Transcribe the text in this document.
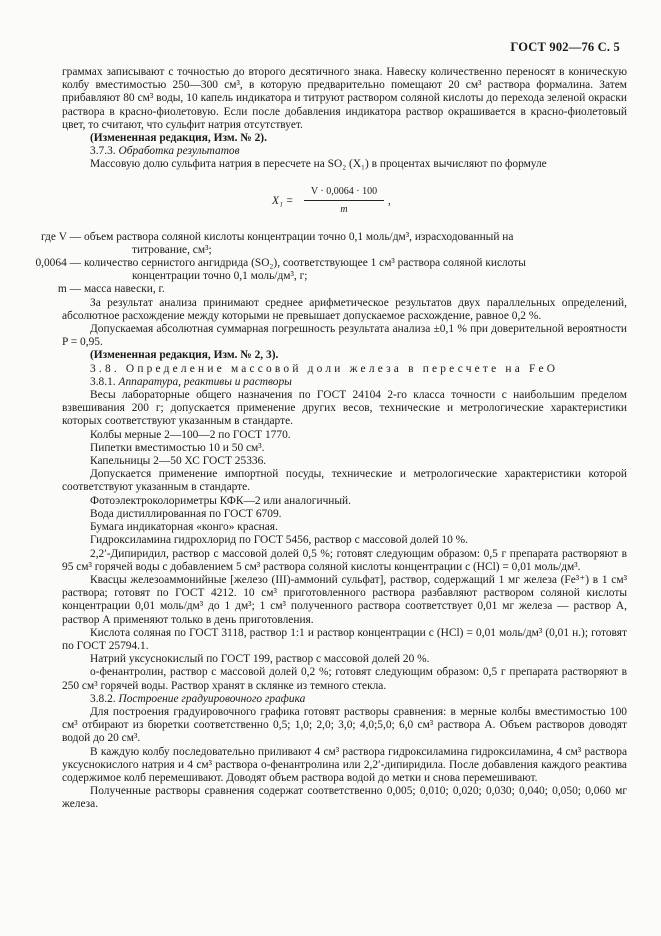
ГОСТ 902—76 С. 5

граммах записывают с точностью до второго десятичного знака. Навеску количественно переносят в коническую колбу вместимостью 250—300 см³, в которую предварительно помещают 20 см³ раствора формалина. Затем прибавляют 80 см³ воды, 10 капель индикатора и титруют раствором соляной кислоты до перехода зеленой окраски раствора в красно-фиолетовую. Если после добавления индикатора раствор окрашивается в красно-фиолетовый цвет, то считают, что сульфит натрия отсутствует.

(Измененная редакция, Изм. № 2).

3.7.3. Обработка результатов

Массовую долю сульфита натрия в пересчете на SO₂ (X₁) в процентах вычисляют по формуле

$X_1 = \frac{V \cdot 0,0064 \cdot 100}{m}$ ,
где V — объем раствора соляной кислоты концентрации точно 0,1 моль/дм³, израсходованный на
титрование, см³;
0,0064 — количество сернистого ангидрида (SO₂), соответствующее 1 см³ раствора соляной кислоты
концентрации точно 0,1 моль/дм³, г;
m — масса навески, г.

За результат анализа принимают среднее арифметическое результатов двух параллельных определений, абсолютное расхождение между которыми не превышает допускаемое расхождение, равное 0,2 %.

Допускаемая абсолютная суммарная погрешность результата анализа ±0,1 % при доверительной вероятности P = 0,95.

(Измененная редакция, Изм. № 2, 3).

3.8. Определение массовой доли железа в пересчете на FeO

3.8.1. Аппаратура, реактивы и растворы

Весы лабораторные общего назначения по ГОСТ 24104 2-го класса точности с наибольшим пределом взвешивания 200 г; допускается применение других весов, технические и метрологические характеристики которых соответствуют указанным в стандарте.

Колбы мерные 2—100—2 по ГОСТ 1770.

Пипетки вместимостью 10 и 50 см³.

Капельницы 2—50 ХС ГОСТ 25336.

Допускается применение импортной посуды, технические и метрологические характеристики которой соответствуют указанным в стандарте.

Фотоэлектроколориметры КФК—2 или аналогичный.

Вода дистиллированная по ГОСТ 6709.

Бумага индикаторная «конго» красная.

Гидроксиламина гидрохлорид по ГОСТ 5456, раствор с массовой долей 10 %.

2,2′-Дипиридил, раствор с массовой долей 0,5 %; готовят следующим образом: 0,5 г препарата растворяют в 95 см³ горячей воды с добавлением 5 см³ раствора соляной кислоты концентрации c (HCl) = 0,01 моль/дм³.

Квасцы железоаммонийные [железо (III)-аммоний сульфат], раствор, содержащий 1 мг железа (Fe³⁺) в 1 см³ раствора; готовят по ГОСТ 4212. 10 см³ приготовленного раствора разбавляют раствором соляной кислоты концентрации 0,01 моль/дм³ до 1 дм³; 1 см³ полученного раствора соответствует 0,01 мг железа — раствор А, раствор А применяют только в день приготовления.

Кислота соляная по ГОСТ 3118, раствор 1:1 и раствор концентрации c (HCl) = 0,01 моль/дм³ (0,01 н.); готовят по ГОСТ 25794.1.

Натрий уксуснокислый по ГОСТ 199, раствор с массовой долей 20 %.

о-фенантролин, раствор с массовой долей 0,2 %; готовят следующим образом: 0,5 г препарата растворяют в 250 см³ горячей воды. Раствор хранят в склянке из темного стекла.

3.8.2. Построение градуировочного графика

Для построения градуировочного графика готовят растворы сравнения: в мерные колбы вместимостью 100 см³ отбирают из бюретки соответственно 0,5; 1,0; 2,0; 3,0; 4,0;5,0; 6,0 см³ раствора А. Объем растворов доводят водой до 20 см³.

В каждую колбу последовательно приливают 4 см³ раствора гидроксиламина гидроксиламина, 4 см³ раствора уксуснокислого натрия и 4 см³ раствора о-фенантролина или 2,2′-дипиридила. После добавления каждого реактива содержимое колб перемешивают. Доводят объем раствора водой до метки и снова перемешивают.

Полученные растворы сравнения содержат соответственно 0,005; 0,010; 0,020; 0,030; 0,040; 0,050; 0,060 мг железа.
